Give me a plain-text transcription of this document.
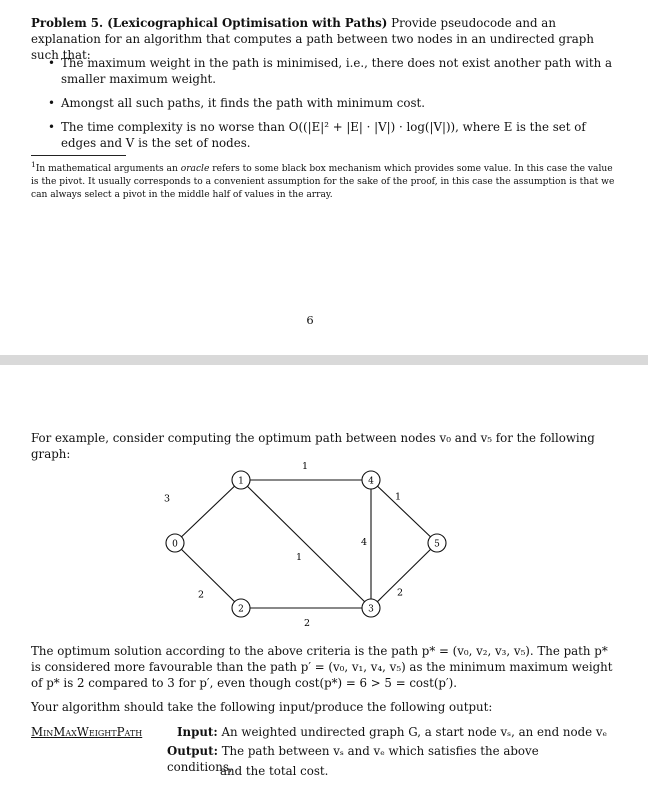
Problem 5. (Lexicographical Optimisation with Paths) Provide pseudocode and an explanation for an algorithm that computes a path between two nodes in an undirected graph such that:
• The maximum weight in the path is minimised, i.e., there does not exist another path with a smaller maximum weight.
• Amongst all such paths, it finds the path with minimum cost.
• The time complexity is no worse than O((|E|² + |E| · |V|) · log(|V|)), where E is the set of edges and V is the set of nodes.
$^1$In mathematical arguments an oracle refers to some black box mechanism which provides some value. In this case the value is the pivot. It usually corresponds to a convenient assumption for the sake of the proof, in this case the assumption is that we can always select a pivot in the middle half of values in the array.
6
For example, consider computing the optimum path between nodes v₀ and v₅ for the following graph:
3
2
1
1
2
4
1
2
0
1
2	3
4
5
The optimum solution according to the above criteria is the path p* = (v₀, v₂, v₃, v₅). The path p* is considered more favourable than the path p′ = (v₀, v₁, v₄, v₅) as the minimum maximum weight of p* is 2 compared to 3 for p′, even though cost(p*) = 6 > 5 = cost(p′).
Your algorithm should take the following input/produce the following output:
MinMaxWeightPath	Input: An weighted undirected graph G, a start node vₛ, an end node vₑ
Output: The path between vₛ and vₑ which satisfies the above conditions,
and the total cost.
